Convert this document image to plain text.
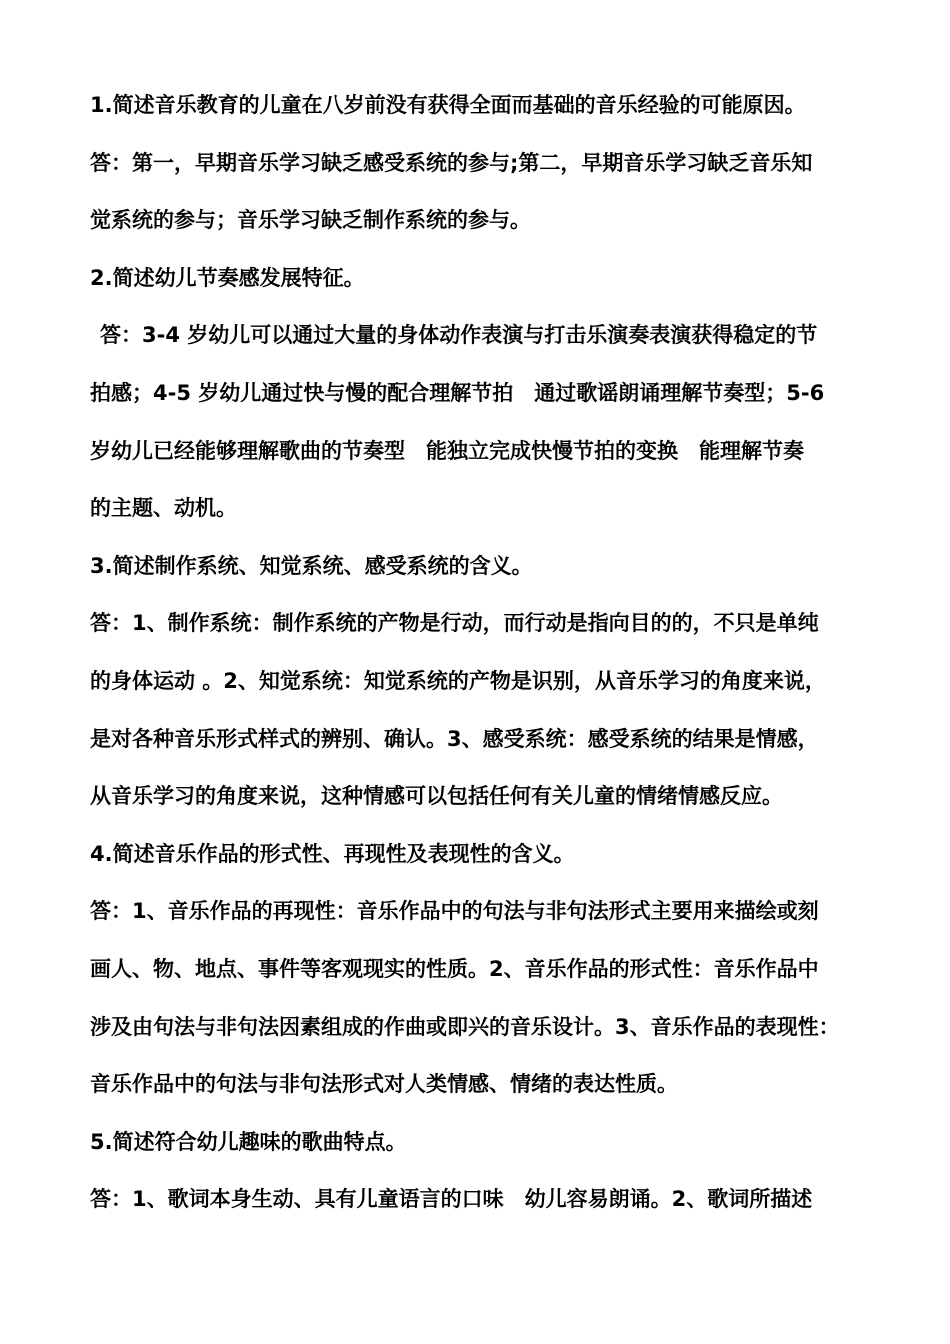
1.简述音乐教育的儿童在八岁前没有获得全面而基础的音乐经验的可能原因。
答：第一，早期音乐学习缺乏感受系统的参与;第二，早期音乐学习缺乏音乐知
觉系统的参与；音乐学习缺乏制作系统的参与。
2.简述幼儿节奏感发展特征。
答：3-4 岁幼儿可以通过大量的身体动作表演与打击乐演奏表演获得稳定的节
拍感；4-5 岁幼儿通过快与慢的配合理解节拍　通过歌谣朗诵理解节奏型；5-6
岁幼儿已经能够理解歌曲的节奏型　能独立完成快慢节拍的变换　能理解节奏
的主题、动机。
3.简述制作系统、知觉系统、感受系统的含义。
答：1、制作系统：制作系统的产物是行动，而行动是指向目的的，不只是单纯
的身体运动 。2、知觉系统：知觉系统的产物是识别，从音乐学习的角度来说，
是对各种音乐形式样式的辨别、确认。3、感受系统：感受系统的结果是情感，
从音乐学习的角度来说，这种情感可以包括任何有关儿童的情绪情感反应。
4.简述音乐作品的形式性、再现性及表现性的含义。
答：1、音乐作品的再现性：音乐作品中的句法与非句法形式主要用来描绘或刻
画人、物、地点、事件等客观现实的性质。2、音乐作品的形式性：音乐作品中
涉及由句法与非句法因素组成的作曲或即兴的音乐设计。3、音乐作品的表现性：
音乐作品中的句法与非句法形式对人类情感、情绪的表达性质。
5.简述符合幼儿趣味的歌曲特点。
答：1、歌词本身生动、具有儿童语言的口味　幼儿容易朗诵。2、歌词所描述
